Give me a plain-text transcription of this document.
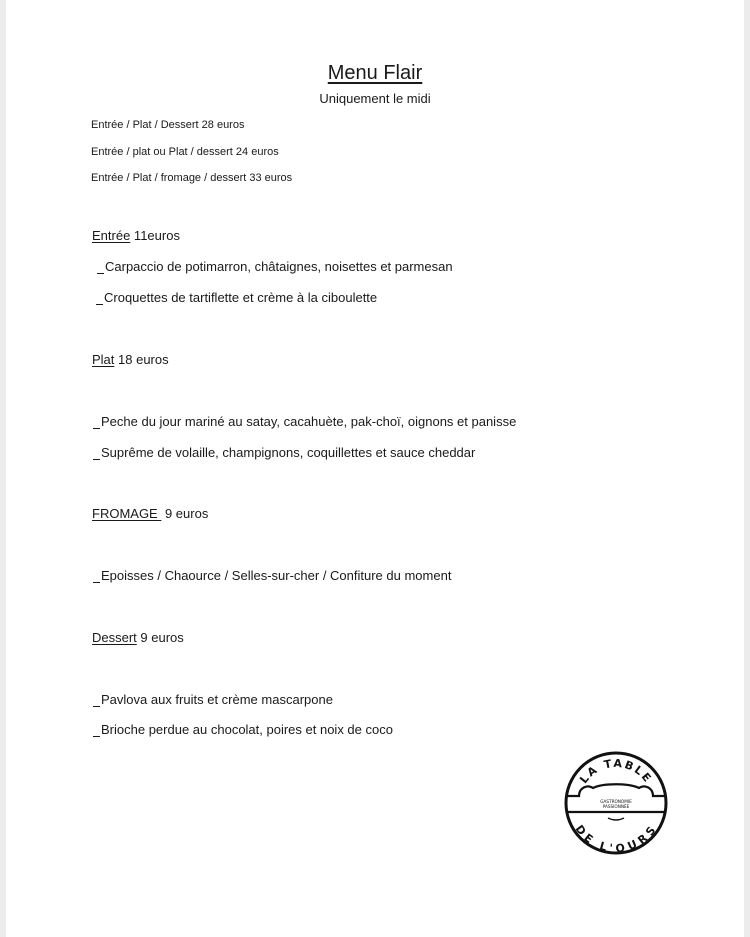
Menu Flair
Uniquement le midi
Entrée / Plat / Dessert 28 euros
Entrée / plat ou Plat / dessert 24 euros
Entrée / Plat / fromage / dessert 33 euros
Entrée 11euros
Carpaccio de potimarron, châtaignes, noisettes et parmesan
Croquettes de tartiflette et crème à la ciboulette
Plat 18 euros
Peche du jour mariné au satay, cacahuète, pak-choï, oignons et panisse
Suprême de volaille, champignons, coquillettes et sauce cheddar
FROMAGE  9 euros
Epoisses / Chaource / Selles-sur-cher / Confiture du moment
Dessert 9 euros
Pavlova aux fruits et crème mascarpone
Brioche perdue au chocolat, poires et noix de coco
LA TABLE
DE L'OURS
GASTRONOMIE
PASSIONNÉE
